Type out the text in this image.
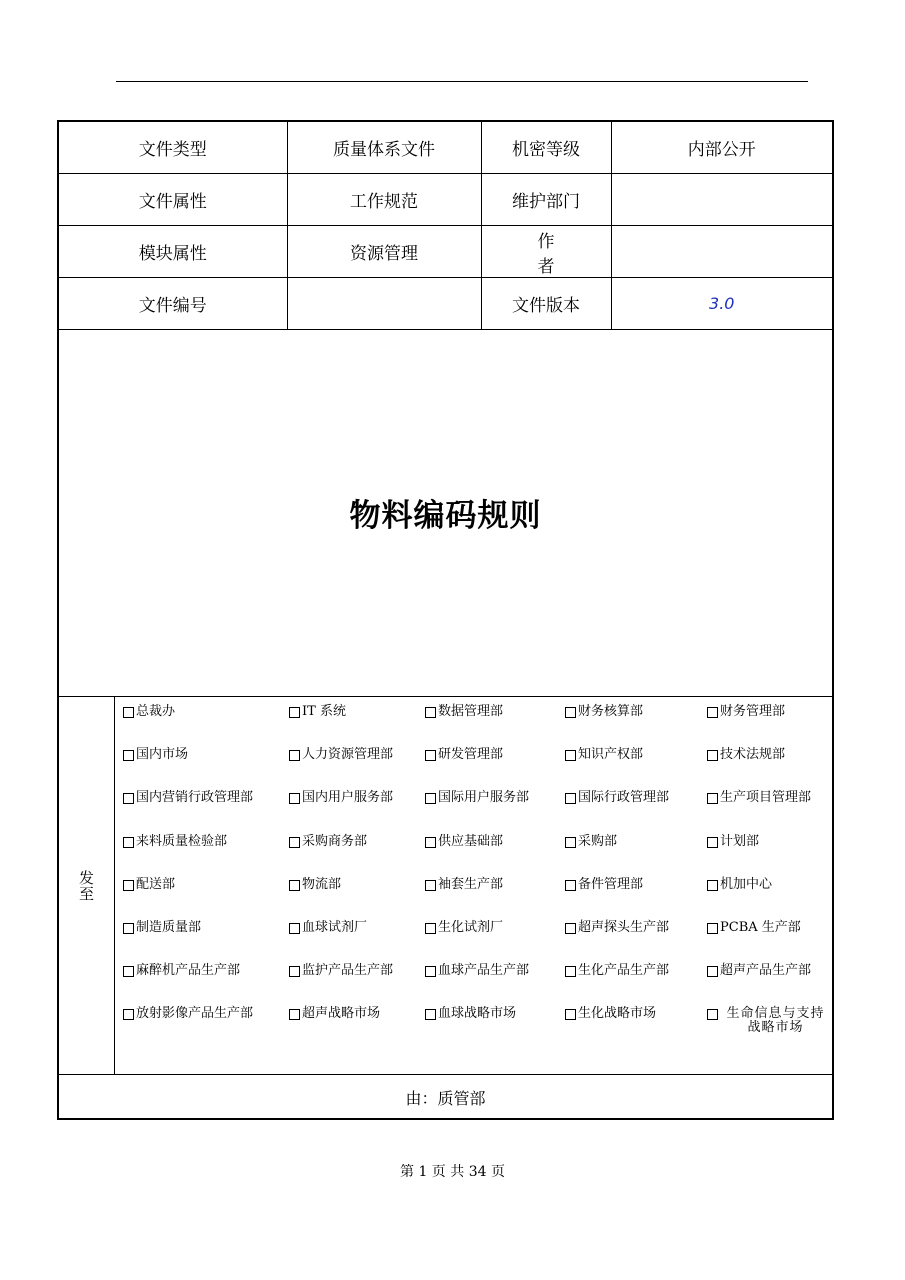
文件类型	质量体系文件	机密等级	内部公开
文件属性	工作规范	维护部门	
模块属性	资源管理	作者	
文件编号		文件版本	3.0
物料编码规则
发至
总裁办	IT 系统	数据管理部	财务核算部	财务管理部
国内市场	人力资源管理部	研发管理部	知识产权部	技术法规部
国内营销行政管理部	国内用户服务部	国际用户服务部	国际行政管理部	生产项目管理部
来料质量检验部	采购商务部	供应基础部	采购部	计划部
配送部	物流部	袖套生产部	备件管理部	机加中心
制造质量部	血球试剂厂	生化试剂厂	超声探头生产部	PCBA 生产部
麻醉机产品生产部	监护产品生产部	血球产品生产部	生化产品生产部	超声产品生产部
放射影像产品生产部	超声战略市场	血球战略市场	生化战略市场	生命信息与支持战略市场
由：质管部
第 1 页 共 34 页
